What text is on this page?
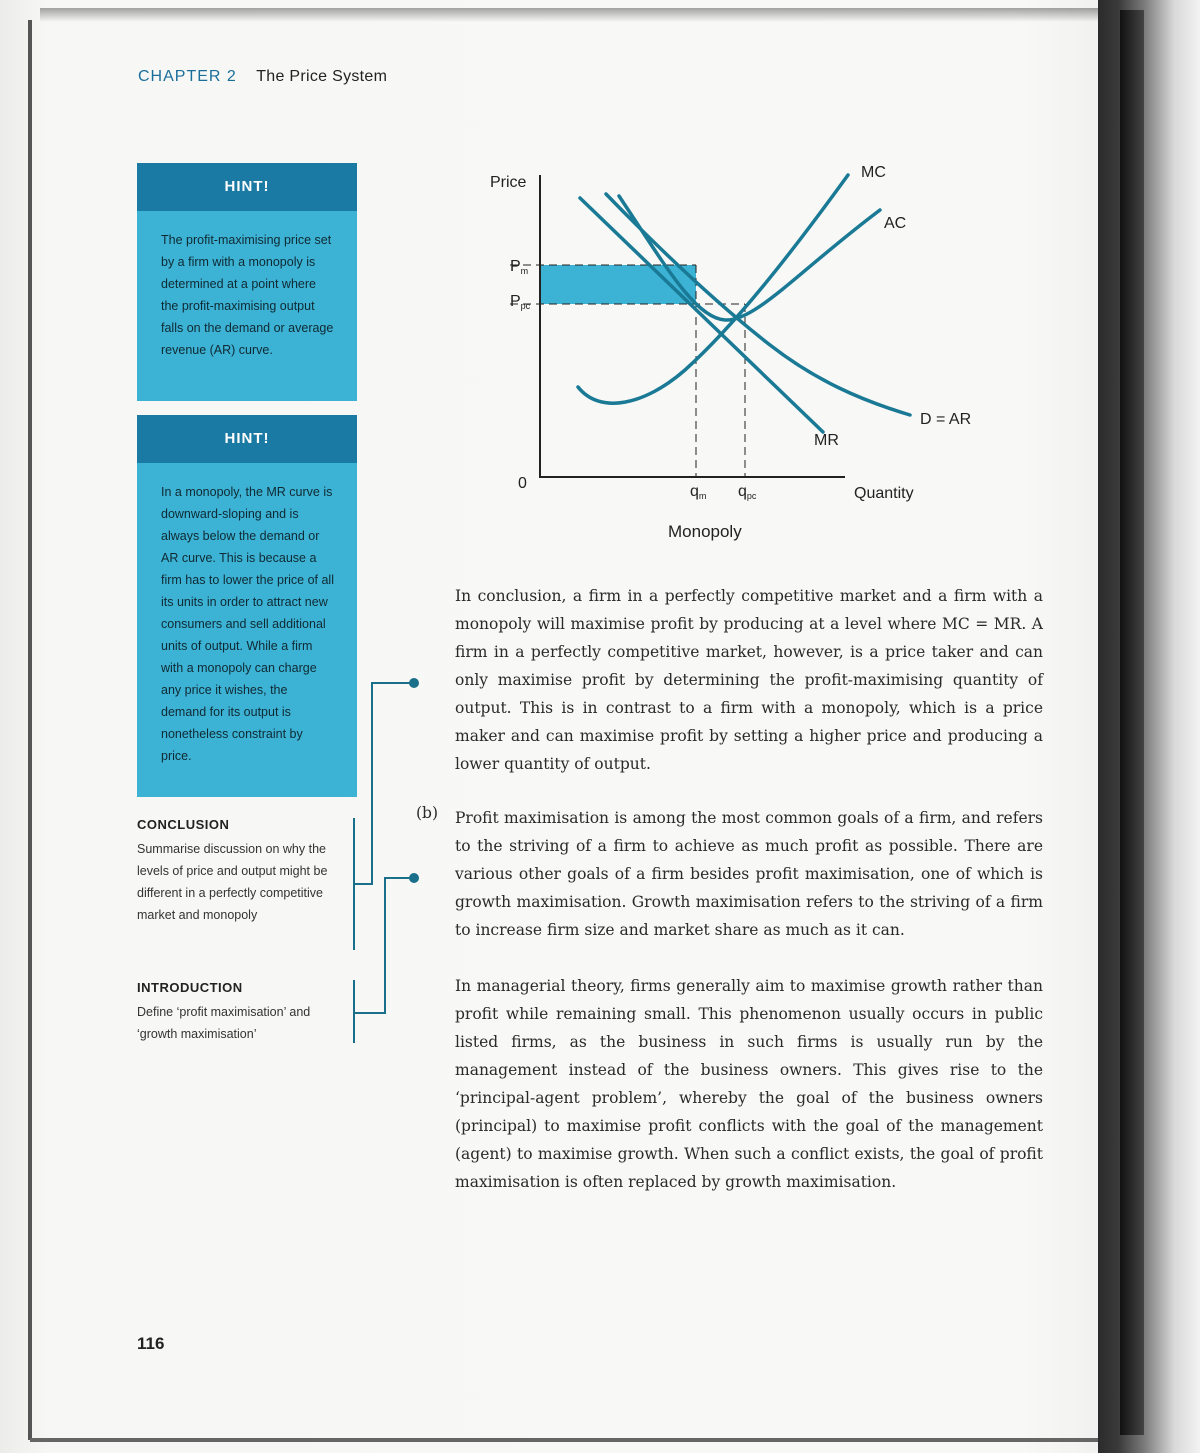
CHAPTER 2 The Price System
HINT!
The profit-maximising price set by a firm with a monopoly is determined at a point where the profit-maximising output falls on the demand or average revenue (AR) curve.
HINT!
In a monopoly, the MR curve is downward-sloping and is always below the demand or AR curve. This is because a firm has to lower the price of all its units in order to attract new consumers and sell additional units of output. While a firm with a monopoly can charge any price it wishes, the demand for its output is nonetheless constraint by price.
CONCLUSION
Summarise discussion on why the levels of price and output might be different in a perfectly competitive market and monopoly
INTRODUCTION
Define ‘profit maximisation’ and ‘growth maximisation’
Price
Quantity
0
Pm
Ppc
qm qpc
MC
AC
MR
D = AR
Monopoly
In conclusion, a firm in a perfectly competitive market and a firm with a monopoly will maximise profit by producing at a level where MC = MR. A firm in a perfectly competitive market, however, is a price taker and can only maximise profit by determining the profit-maximising quantity of output. This is in contrast to a firm with a monopoly, which is a price maker and can maximise profit by setting a higher price and producing a lower quantity of output.
(b) Profit maximisation is among the most common goals of a firm, and refers to the striving of a firm to achieve as much profit as possible. There are various other goals of a firm besides profit maximisation, one of which is growth maximisation. Growth maximisation refers to the striving of a firm to increase firm size and market share as much as it can.
In managerial theory, firms generally aim to maximise growth rather than profit while remaining small. This phenomenon usually occurs in public listed firms, as the business in such firms is usually run by the management instead of the business owners. This gives rise to the ‘principal-agent problem’, whereby the goal of the business owners (principal) to maximise profit conflicts with the goal of the management (agent) to maximise growth. When such a conflict exists, the goal of profit maximisation is often replaced by growth maximisation.
116
